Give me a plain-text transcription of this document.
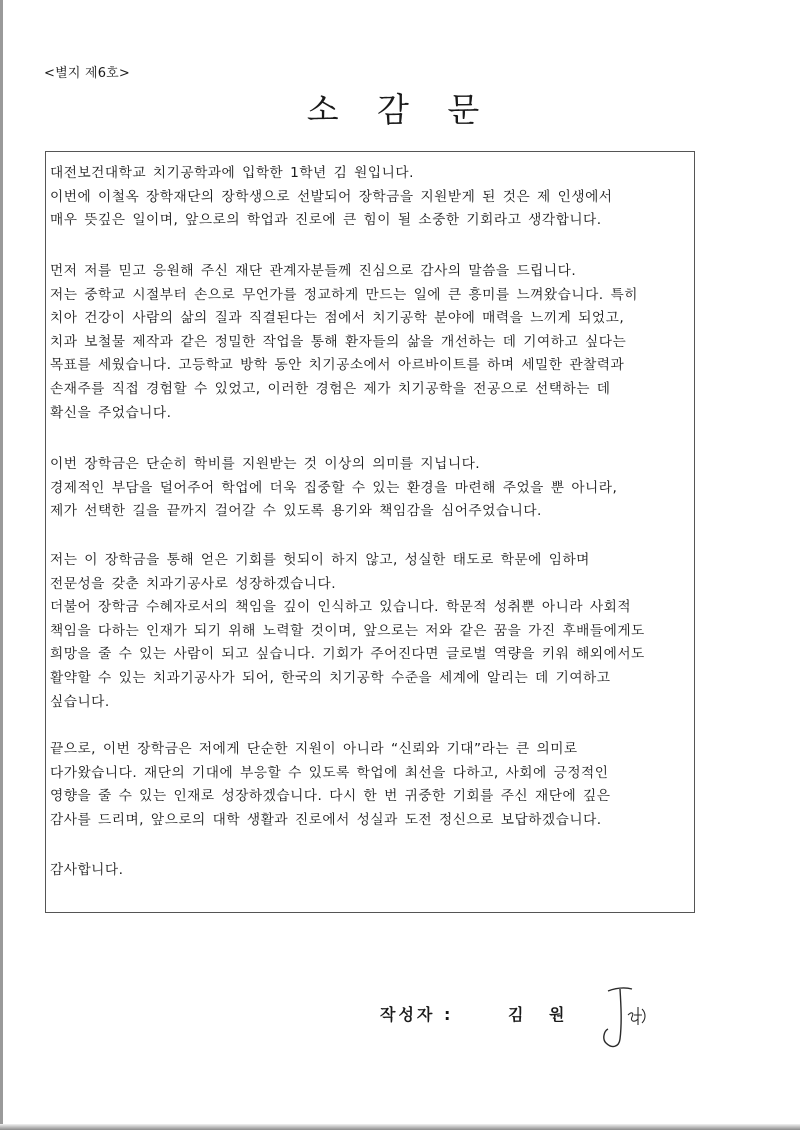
<별지 제6호>
소 감 문
대전보건대학교 치기공학과에 입학한 1학년 김 원입니다.
이번에 이철옥 장학재단의 장학생으로 선발되어 장학금을 지원받게 된 것은 제 인생에서
매우 뜻깊은 일이며, 앞으로의 학업과 진로에 큰 힘이 될 소중한 기회라고 생각합니다.
먼저 저를 믿고 응원해 주신 재단 관계자분들께 진심으로 감사의 말씀을 드립니다.
저는 중학교 시절부터 손으로 무언가를 정교하게 만드는 일에 큰 흥미를 느껴왔습니다. 특히
치아 건강이 사람의 삶의 질과 직결된다는 점에서 치기공학 분야에 매력을 느끼게 되었고,
치과 보철물 제작과 같은 정밀한 작업을 통해 환자들의 삶을 개선하는 데 기여하고 싶다는
목표를 세웠습니다. 고등학교 방학 동안 치기공소에서 아르바이트를 하며 세밀한 관찰력과
손재주를 직접 경험할 수 있었고, 이러한 경험은 제가 치기공학을 전공으로 선택하는 데
확신을 주었습니다.
이번 장학금은 단순히 학비를 지원받는 것 이상의 의미를 지닙니다.
경제적인 부담을 덜어주어 학업에 더욱 집중할 수 있는 환경을 마련해 주었을 뿐 아니라,
제가 선택한 길을 끝까지 걸어갈 수 있도록 용기와 책임감을 심어주었습니다.
저는 이 장학금을 통해 얻은 기회를 헛되이 하지 않고, 성실한 태도로 학문에 임하며
전문성을 갖춘 치과기공사로 성장하겠습니다.
더불어 장학금 수혜자로서의 책임을 깊이 인식하고 있습니다. 학문적 성취뿐 아니라 사회적
책임을 다하는 인재가 되기 위해 노력할 것이며, 앞으로는 저와 같은 꿈을 가진 후배들에게도
희망을 줄 수 있는 사람이 되고 싶습니다. 기회가 주어진다면 글로벌 역량을 키워 해외에서도
활약할 수 있는 치과기공사가 되어, 한국의 치기공학 수준을 세계에 알리는 데 기여하고
싶습니다.
끝으로, 이번 장학금은 저에게 단순한 지원이 아니라 “신뢰와 기대”라는 큰 의미로
다가왔습니다. 재단의 기대에 부응할 수 있도록 학업에 최선을 다하고, 사회에 긍정적인
영향을 줄 수 있는 인재로 성장하겠습니다. 다시 한 번 귀중한 기회를 주신 재단에 깊은
감사를 드리며, 앞으로의 대학 생활과 진로에서 성실과 도전 정신으로 보답하겠습니다.
감사합니다.
작성자 :	김 원
